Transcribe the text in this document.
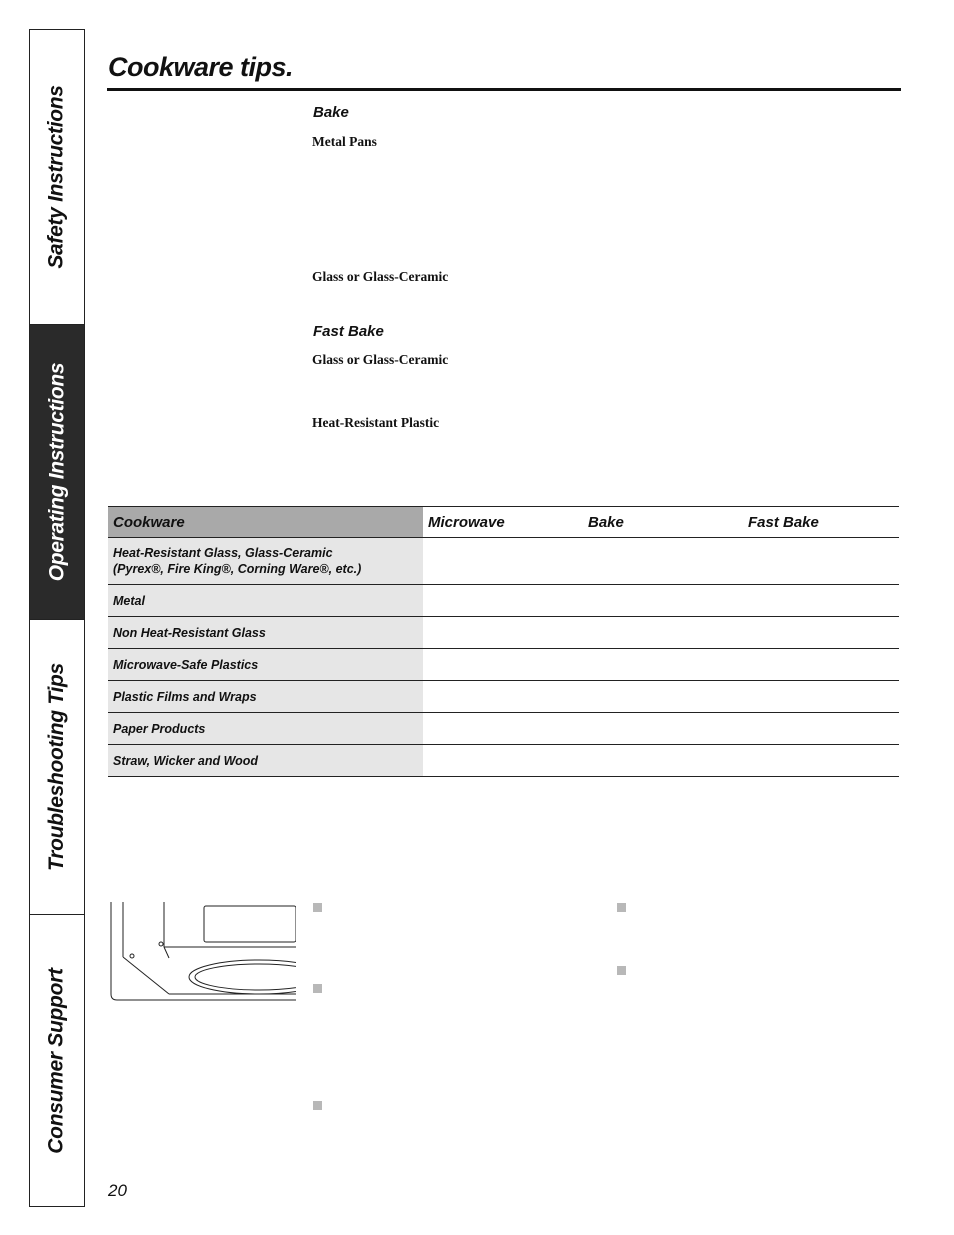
Safety Instructions
Operating Instructions
Troubleshooting Tips
Consumer Support
Cookware tips.
Bake
Metal Pans
Glass or Glass-Ceramic
Fast Bake
Glass or Glass-Ceramic
Heat-Resistant Plastic
Cookware	Microwave	Bake	Fast Bake

Heat-Resistant Glass, Glass-Ceramic
(Pyrex®, Fire King®, Corning Ware®, etc.)			

Metal			
Non Heat-Resistant Glass			
Microwave-Safe Plastics			
Plastic Films and Wraps			
Paper Products			
Straw, Wicker and Wood			
20
